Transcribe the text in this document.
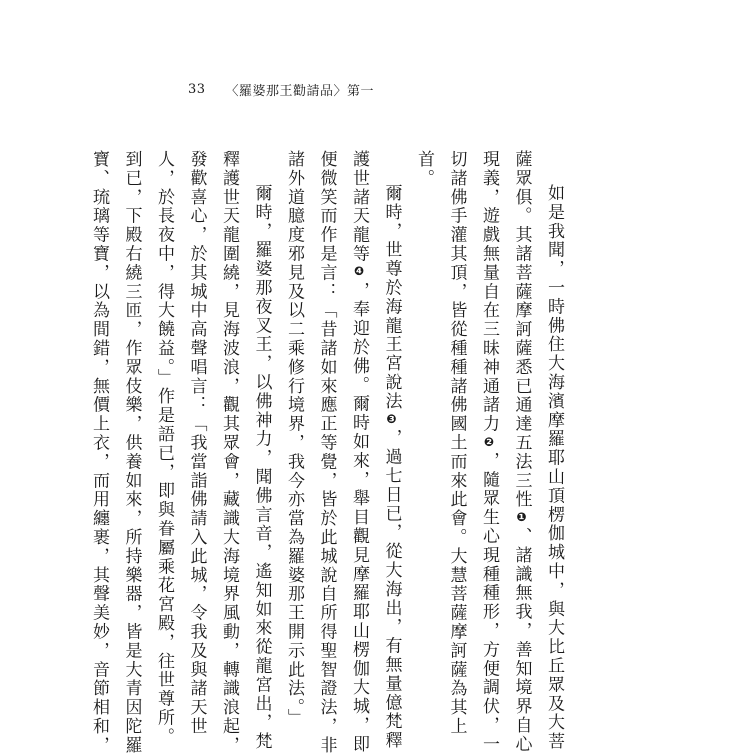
33 〈羅婆那王勸請品〉第一
如是我聞，一時佛住大海濱摩羅耶山頂楞伽城中，與大比丘眾及大菩
薩眾俱。其諸菩薩摩訶薩悉已通達五法三性❶、諸識無我，善知境界自心
現義，遊戲無量自在三昧神通諸力❷，隨眾生心現種種形，方便調伏，一
切諸佛手灌其頂，皆從種種諸佛國土而來此會。大慧菩薩摩訶薩為其上
首。
爾時，世尊於海龍王宮說法❸，過七日已，從大海出，有無量億梵釋
護世諸天龍等❹，奉迎於佛。爾時如來，舉目觀見摩羅耶山楞伽大城，即
便微笑而作是言：「昔諸如來應正等覺，皆於此城說自所得聖智證法，非
諸外道臆度邪見及以二乘修行境界，我今亦當為羅婆那王開示此法。」
爾時，羅婆那夜叉王，以佛神力，聞佛言音，遙知如來從龍宮出，梵
釋護世天龍圍繞，見海波浪，觀其眾會，藏識大海境界風動，轉識浪起，
發歡喜心，於其城中高聲唱言：「我當詣佛請入此城，令我及與諸天世
人，於長夜中，得大饒益。」作是語已，即與眷屬乘花宮殿，往世尊所。
到已，下殿右繞三匝，作眾伎樂，供養如來，所持樂器，皆是大青因陀羅
寶、琉璃等寶，以為間錯，無價上衣，而用纏裹，其聲美妙，音節相和，
